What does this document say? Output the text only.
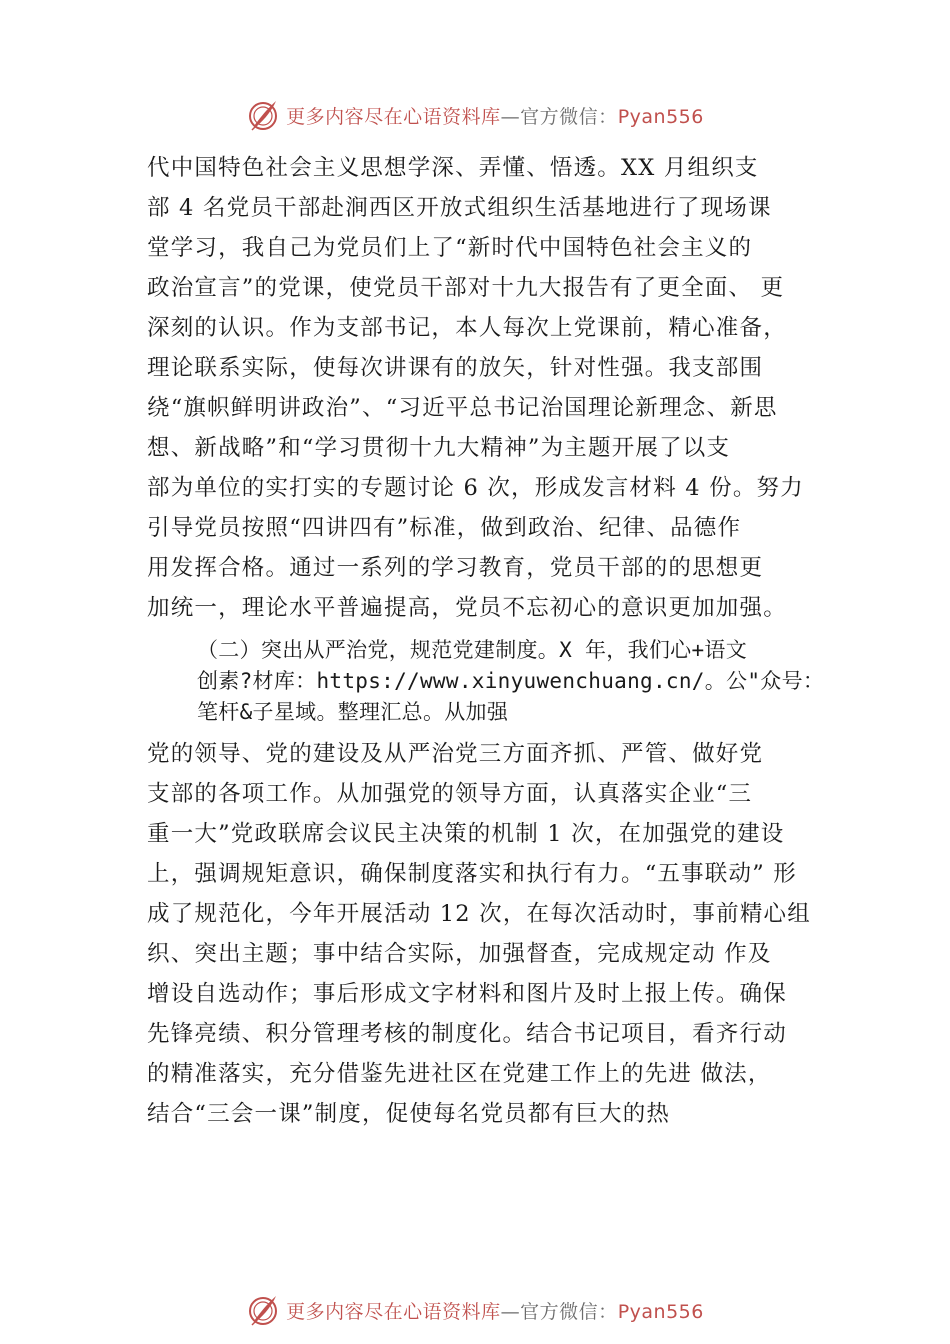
更多内容尽在心语资料库—官方微信：Pyan556
代中国特色社会主义思想学深、弄懂、悟透。XX 月组织支
部 4 名党员干部赴涧西区开放式组织生活基地进行了现场课
堂学习，我自己为党员们上了“新时代中国特色社会主义的
政治宣言”的党课，使党员干部对十九大报告有了更全面、 更
深刻的认识。作为支部书记，本人每次上党课前，精心准备，
理论联系实际，使每次讲课有的放矢，针对性强。我支部围
绕“旗帜鲜明讲政治”、“习近平总书记治国理论新理念、新思
想、新战略”和“学习贯彻十九大精神”为主题开展了以支
部为单位的实打实的专题讨论 6 次，形成发言材料 4 份。努力
引导党员按照“四讲四有”标准，做到政治、纪律、品德作
用发挥合格。通过一系列的学习教育，党员干部的的思想更
加统一，理论水平普遍提高，党员不忘初心的意识更加加强。
（二）突出从严治党，规范党建制度。X 年，我们心+语文
创素?材库：https://www.xinyuwenchuang.cn/。公"众号：
笔杆&子星域。整理汇总。从加强
党的领导、党的建设及从严治党三方面齐抓、严管、做好党
支部的各项工作。从加强党的领导方面，认真落实企业“三
重一大”党政联席会议民主决策的机制 1 次，在加强党的建设
上，强调规矩意识，确保制度落实和执行有力。“五事联动” 形
成了规范化，今年开展活动 12 次，在每次活动时，事前精心组
织、突出主题；事中结合实际，加强督查，完成规定动 作及
增设自选动作；事后形成文字材料和图片及时上报上传。确保
先锋亮绩、积分管理考核的制度化。结合书记项目，看齐行动
的精准落实，充分借鉴先进社区在党建工作上的先进 做法，
结合“三会一课”制度，促使每名党员都有巨大的热
更多内容尽在心语资料库—官方微信：Pyan556
